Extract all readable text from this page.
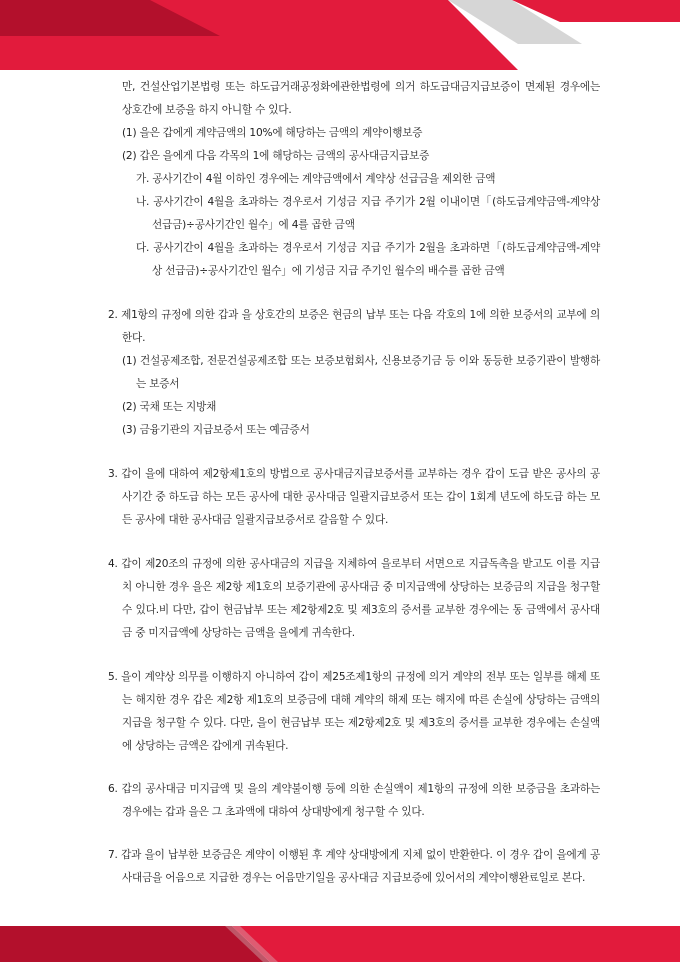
만, 건설산업기본법령 또는 하도급거래공정화에관한법령에 의거 하도급대금지급보증이 면제된 경우에는 상호간에 보증을 하지 아니할 수 있다.

(1) 을은 갑에게 계약금액의 10%에 해당하는 금액의 계약이행보증

(2) 갑은 을에게 다음 각목의 1에 해당하는 금액의 공사대금지급보증

가. 공사기간이 4월 이하인 경우에는 계약금액에서 계약상 선급금을 제외한 금액

나. 공사기간이 4월을 초과하는 경우로서 기성금 지급 주기가 2월 이내이면「(하도급계약금액-계약상 선급금)÷공사기간인 월수」에 4를 곱한 금액

다. 공사기간이 4월을 초과하는 경우로서 기성금 지급 주기가 2월을 초과하면「(하도급계약금액-계약상 선급금)÷공사기간인 월수」에 기성금 지급 주기인 월수의 배수를 곱한 금액

2. 제1항의 규정에 의한 갑과 을 상호간의 보증은 현금의 납부 또는 다음 각호의 1에 의한 보증서의 교부에 의한다.

(1) 건설공제조합, 전문건설공제조합 또는 보증보험회사, 신용보증기금 등 이와 동등한 보증기관이 발행하는 보증서

(2) 국채 또는 지방채

(3) 금융기관의 지급보증서 또는 예금증서

3. 갑이 을에 대하여 제2항제1호의 방법으로 공사대금지급보증서를 교부하는 경우 갑이 도급 받은 공사의 공사기간 중 하도급 하는 모든 공사에 대한 공사대금 일괄지급보증서 또는 갑이 1회계 년도에 하도급 하는 모든 공사에 대한 공사대금 일괄지급보증서로 갈음할 수 있다.

4. 갑이 제20조의 규정에 의한 공사대금의 지급을 지체하여 을로부터 서면으로 지급독촉을 받고도 이를 지급 치 아니한 경우 을은 제2항 제1호의 보증기관에 공사대금 중 미지급액에 상당하는 보증금의 지급을 청구할 수 있다.비 다만, 갑이 현금납부 또는 제2항제2호 및 제3호의 증서를 교부한 경우에는 동 금액에서 공사대금 중 미지급액에 상당하는 금액을 을에게 귀속한다.

5. 을이 계약상 의무를 이행하지 아니하여 갑이 제25조제1항의 규정에 의거 계약의 전부 또는 일부를 해제 또는 해지한 경우 갑은 제2항 제1호의 보증금에 대해 계약의 해제 또는 해지에 따른 손실에 상당하는 금액의 지급을 청구할 수 있다. 다만, 을이 현금납부 또는 제2항제2호 및 제3호의 증서를 교부한 경우에는 손실액에 상당하는 금액은 갑에게 귀속된다.

6. 갑의 공사대금 미지급액 및 을의 계약불이행 등에 의한 손실액이 제1항의 규정에 의한 보증금을 초과하는 경우에는 갑과 을은 그 초과액에 대하여 상대방에게 청구할 수 있다.

7. 갑과 을이 납부한 보증금은 계약이 이행된 후 계약 상대방에게 지체 없이 반환한다. 이 경우 갑이 을에게 공사대금을 어음으로 지급한 경우는 어음만기일을 공사대금 지급보증에 있어서의 계약이행완료일로 본다.
